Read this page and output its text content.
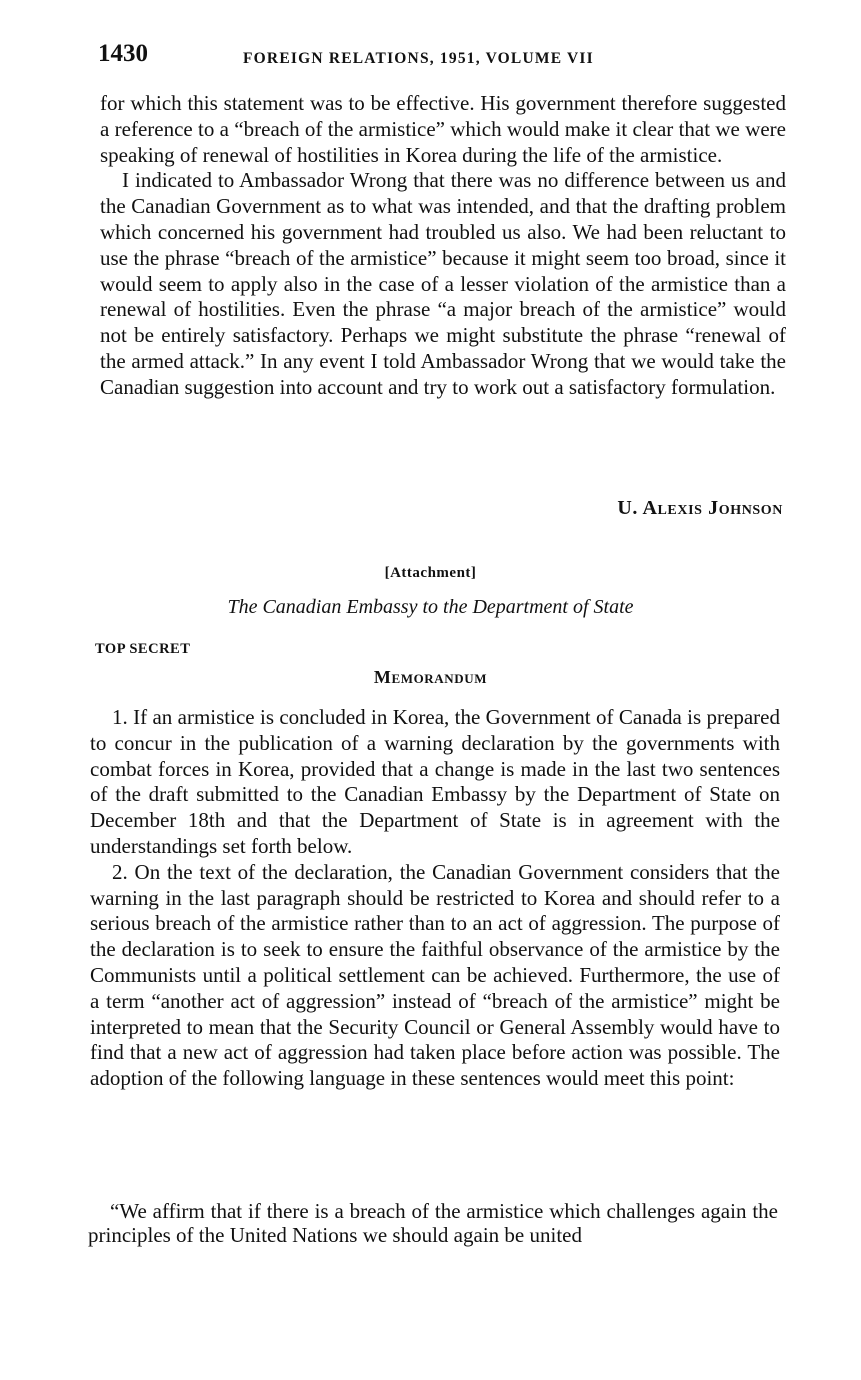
1430	FOREIGN RELATIONS, 1951, VOLUME VII

for which this statement was to be effective. His government therefore suggested a reference to a “breach of the armistice” which would make it clear that we were speaking of renewal of hostilities in Korea during the life of the armistice.

I indicated to Ambassador Wrong that there was no difference between us and the Canadian Government as to what was intended, and that the drafting problem which concerned his government had troubled us also. We had been reluctant to use the phrase “breach of the armistice” because it might seem too broad, since it would seem to apply also in the case of a lesser violation of the armistice than a renewal of hostilities. Even the phrase “a major breach of the armistice” would not be entirely satisfactory. Perhaps we might substitute the phrase “renewal of the armed attack.” In any event I told Ambassador Wrong that we would take the Canadian suggestion into account and try to work out a satisfactory formulation.

U. Alexis Johnson
[Attachment]
The Canadian Embassy to the Department of State
TOP SECRET
Memorandum

1. If an armistice is concluded in Korea, the Government of Canada is prepared to concur in the publication of a warning declaration by the governments with combat forces in Korea, provided that a change is made in the last two sentences of the draft submitted to the Canadian Embassy by the Department of State on December 18th and that the Department of State is in agreement with the understandings set forth below.

2. On the text of the declaration, the Canadian Government considers that the warning in the last paragraph should be restricted to Korea and should refer to a serious breach of the armistice rather than to an act of aggression. The purpose of the declaration is to seek to ensure the faithful observance of the armistice by the Communists until a political settlement can be achieved. Furthermore, the use of a term “another act of aggression” instead of “breach of the armistice” might be interpreted to mean that the Security Council or General Assembly would have to find that a new act of aggression had taken place before action was possible. The adoption of the following language in these sentences would meet this point:

“We affirm that if there is a breach of the armistice which challenges again the principles of the United Nations we should again be united
